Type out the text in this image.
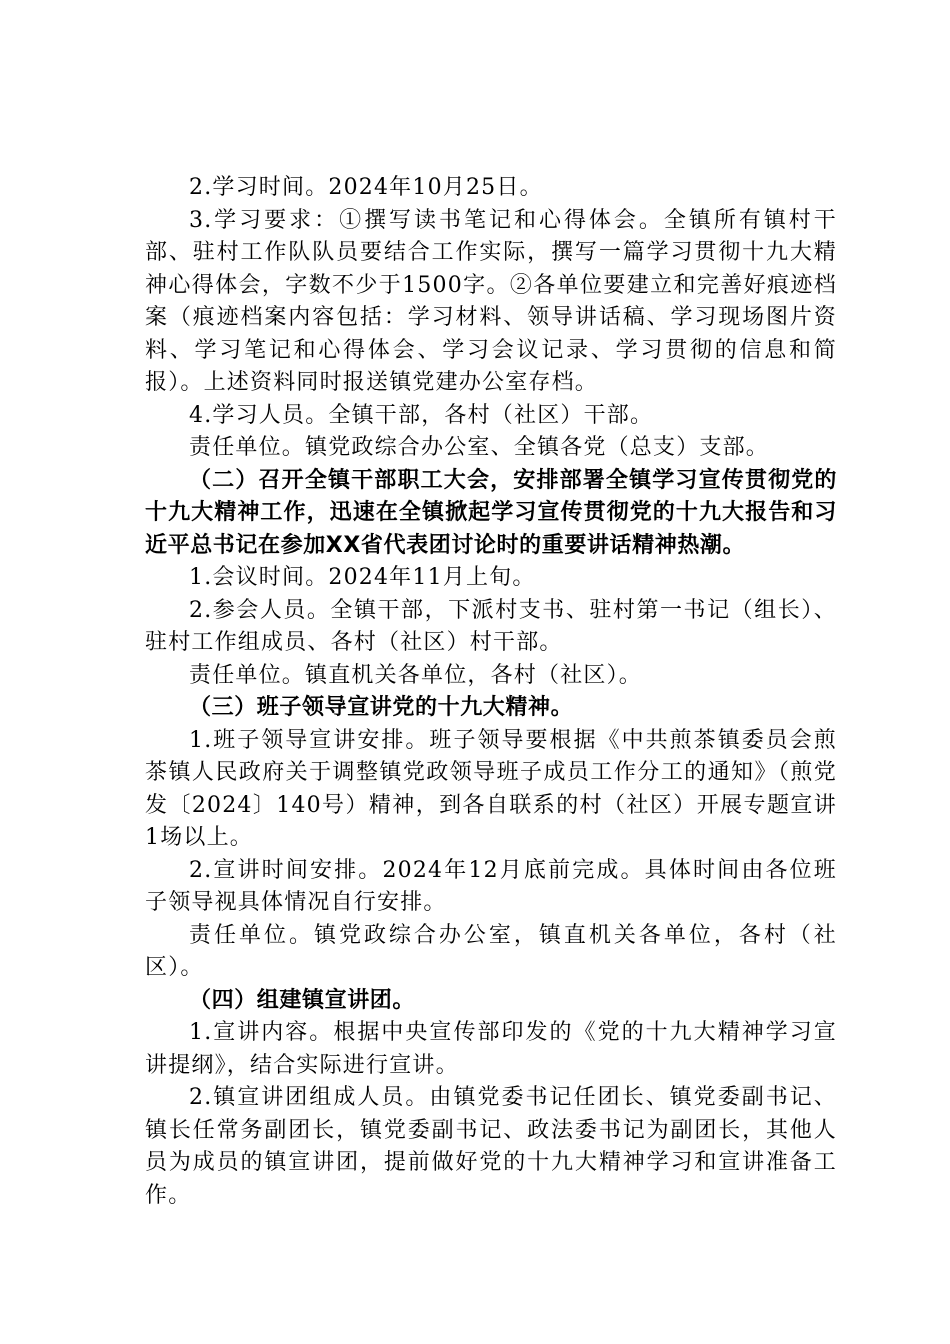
2.学习时间。2024年10月25日。

3.学习要求：①撰写读书笔记和心得体会。全镇所有镇村干部、驻村工作队队员要结合工作实际，撰写一篇学习贯彻十九大精神心得体会，字数不少于1500字。②各单位要建立和完善好痕迹档案（痕迹档案内容包括：学习材料、领导讲话稿、学习现场图片资料、学习笔记和心得体会、学习会议记录、学习贯彻的信息和简报）。上述资料同时报送镇党建办公室存档。

4.学习人员。全镇干部，各村（社区）干部。

责任单位。镇党政综合办公室、全镇各党（总支）支部。

（二）召开全镇干部职工大会，安排部署全镇学习宣传贯彻党的十九大精神工作，迅速在全镇掀起学习宣传贯彻党的十九大报告和习近平总书记在参加XX省代表团讨论时的重要讲话精神热潮。

1.会议时间。2024年11月上旬。

2.参会人员。全镇干部，下派村支书、驻村第一书记（组长）、驻村工作组成员、各村（社区）村干部。

责任单位。镇直机关各单位，各村（社区）。

（三）班子领导宣讲党的十九大精神。

1.班子领导宣讲安排。班子领导要根据《中共煎茶镇委员会煎茶镇人民政府关于调整镇党政领导班子成员工作分工的通知》（煎党发〔2024〕140号）精神，到各自联系的村（社区）开展专题宣讲1场以上。

2.宣讲时间安排。2024年12月底前完成。具体时间由各位班子领导视具体情况自行安排。

责任单位。镇党政综合办公室，镇直机关各单位，各村（社区）。

（四）组建镇宣讲团。

1.宣讲内容。根据中央宣传部印发的《党的十九大精神学习宣讲提纲》，结合实际进行宣讲。

2.镇宣讲团组成人员。由镇党委书记任团长、镇党委副书记、镇长任常务副团长，镇党委副书记、政法委书记为副团长，其他人员为成员的镇宣讲团，提前做好党的十九大精神学习和宣讲准备工作。
